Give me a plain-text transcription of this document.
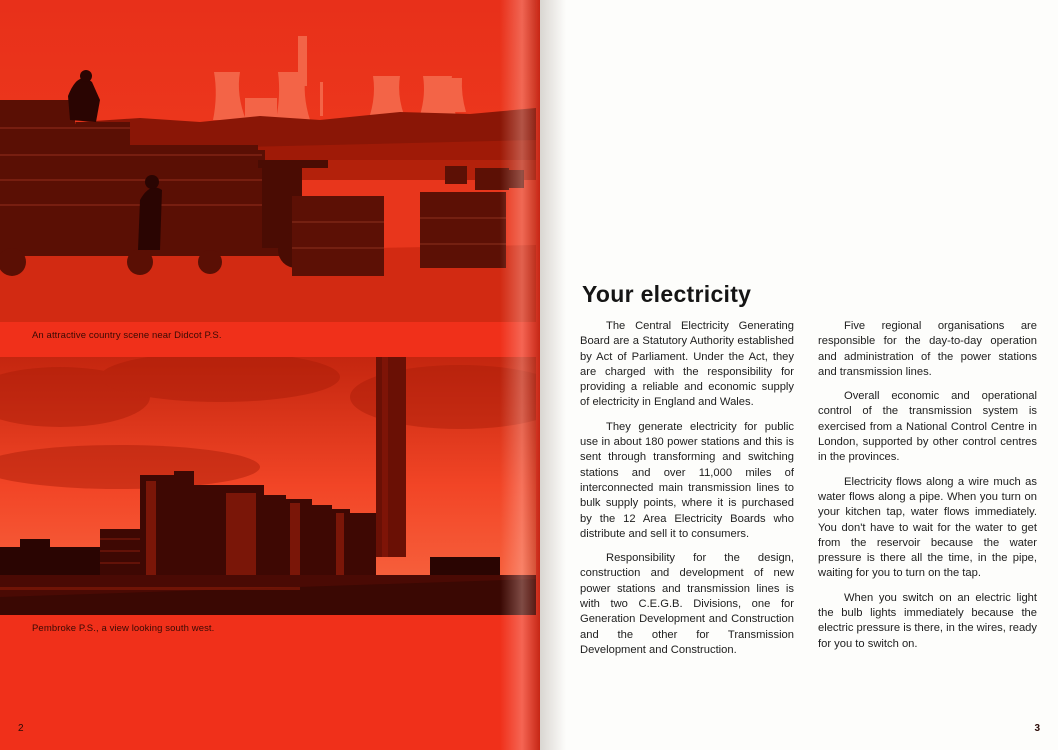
An attractive country scene near Didcot P.S.
Pembroke P.S., a view looking south west.
2
Your electricity

The Central Electricity Generating Board are a Statutory Authority established by Act of Parliament. Under the Act, they are charged with the responsibility for providing a reliable and economic supply of electricity in England and Wales.

They generate electricity for public use in about 180 power stations and this is sent through transforming and switching stations and over 11,000 miles of interconnected main transmission lines to bulk supply points, where it is purchased by the 12 Area Electricity Boards who distribute and sell it to consumers.

Responsibility for the design, construction and development of new power stations and transmission lines is with two C.E.G.B. Divisions, one for Generation Development and Construction and the other for Transmission Development and Construction.

Five regional organisations are responsible for the day-to-day operation and administration of the power stations and transmission lines.

Overall economic and operational control of the transmission system is exercised from a National Control Centre in London, supported by other control centres in the provinces.

Electricity flows along a wire much as water flows along a pipe. When you turn on your kitchen tap, water flows immediately. You don't have to wait for the water to get from the reservoir because the water pressure is there all the time, in the pipe, waiting for you to turn on the tap.

When you switch on an electric light the bulb lights immediately because the electric pressure is there, in the wires, ready for you to switch on.

3
